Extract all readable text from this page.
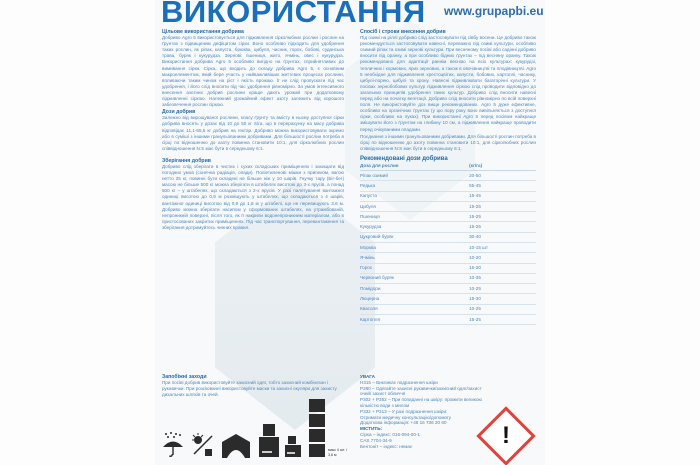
ВИКОРИСТАННЯ www.grupapbi.eu
Цільове використання добрива

Добриво Agro 5 використовується для підживлення сірколюбних рослин і рослин на ґрунтах з підвищеним дефіцитом сірки. Воно особливо підходить для удобрення таких рослин, як ріпак, капуста, брюква, цибуля, часник, горох, бобові, суданська трава, буряк і кукурудза. Зернові: пшениця, жито, ячмінь, овес і кукурудза. Використання добрива Agro 5 особливо вигідно на ґрунтах, сприйнятливих до вимивання сірки. Сірка, що входить до складу добрива Agro 5, є основним макроелементом, який бере участь у найважливіших життєвих процесах рослини, впливаючи таким чином на ріст і якість врожаю. Її не слід пропускати під час удобрення, і його слід вносити під час удобрення рівномірно. За умов інтенсивного внесення азотних добрив рослини краще дають урожай при додатковому підживленні сіркою. Належний урожайний ефект азоту залежить від хорошого забезпечення рослин сіркою.

Дози добрив

Залежно від вирощуваної рослини, класу ґрунту та вмісту в ньому доступної сірки добрива вносять у дозах від 10 до 50 кг S/га, що в перерахунку на масу добрива відповідає 11,1-55,5 кг добрив на гектар. Добриво можна використовувати окремо або в суміші з іншими гранульованими добривами. Для більшості рослин потреба в сірці по відношенню до азоту повинна становити 10:1, для сірколюбних рослин співвідношення N:S має бути в середньому 6:1.

Зберігання добрив

Добриво слід зберігати в чистих і сухих складських приміщеннях і захищати від погодних умов (сонячна радіація, опади). Поліетиленові мішки з припеком, вагою нетто 25 кг, повинні бути складені не більше ніж у 10 шарів. Гнучку тару (Біг-бег) масою не більше 500 кг можна зберігати в штабелях висотою до 3-х ярусів, а понад 500 кг – у штабелях, що складаються з 2-х ярусів. У разі палетування вантажної одиниці висотою до 0,9 м розміщують у штабелях, що складаються з 4 шарів, вантажної одиниці висотою від 0,9 до 1,8 м у штабелі, що не перевищують 3,6 м. Добриво можна зберігати насипом у сформованих штабелях, на утрамбованій, непроникній поверхні, після того, як її накрили водонепроникним матеріалом, або в пристосованих закритих приміщеннях. Під час транспортування, перевантаження та зберігання дотримуйтесь чинних правил.

Спосіб і строки внесення добрив

Під озимі на ріллі добриво слід застосовувати під сівбу восени. Це добриво також рекомендується застосовувати навесні, переважно під озимі культури, особливо озимий ріпак та озимі зернові культури. При весняному посіві або садінні добриво вносити під оранку, а при особливо бідних ґрунтах – під весняну оранку. Також рекомендовано для адаптації раннім весною на всіх культурах: кукурудзі, тепличних і кормових, ярих зернових, а також в овочівництві та плодівництві. Agro 5 необхідне для підживлення хрестоцвітих, капусти, бобових, картоплі, часнику, цибулі-порею, цибулі та хрону. Навесні підживлювати багаторічні культури. У посівах зернобобових культур підживлення сіркою слід проводити відповідно до загальних принципів удобрення таких культур. Добриво слід вносити навесні перед або на початку вегетації. Добриво слід вносити рівномірно по всій поверхні поля. Не використовуйте доз вище рекомендованих. Agro 5 дуже ефективне, особливо на органічних ґрунтах (у цю пору року воно вивільняється з доступної сірки, особливо на луках). При використанні Agro 5 перед посівом найкраще змішувати його з ґрунтом на глибину 10 см, а підживлення найкраще проводити перед очікуваними опадами.

Поєднання з іншими гранульованими добривами. Для більшості рослин потреба в сірці по відношенню до азоту повинна становити 10:1, для сірколюбних рослин співвідношення N:S має бути в середньому 6:1.

Рекомендовані дози добрива
Доза для рослин	(кг/га)
Ріпак озимий	20-50
Редька	55-45
Капуста	15-45
Цибуля	15-25
Пшениця	15-25
Кукурудза	15-25
Цукровий буряк	30-40
Морква	10-15 шт
Ячмінь	10-20
Горох	15-20
Червоний буряк	10-35
Помідори	10-25
Люцерна	15-30
Квасоля	10-25
Картопля	15-25
Запобіжні заходи

При посіві добрив використовуйте захисний одяг, тобто захисний комбінезон і рукавички. При розсіюванні використовуйте маски та захисні окуляри для захисту дихальних шляхів та очей.

макс 4 шт. / 3,6 м
УВАГА
H315 – Викликає подразнення шкіри
P280 – Одягайте захисні рукавички/захисний одяг/захист очей/ захист обличчя
P302 + P352 – При попаданні на шкіру: промити великою кількістю води з милом
P332 + P313 – У разі подразнення шкіри:
Отримати медичну консультацію/допомогу
Додаткова інформація: +48 16 736 20 60
МІСТИТЬ:
Сірка – індекс: 016-094-00-1
CAS 7704-34-9
Бентоніт – індекс: немає	!
